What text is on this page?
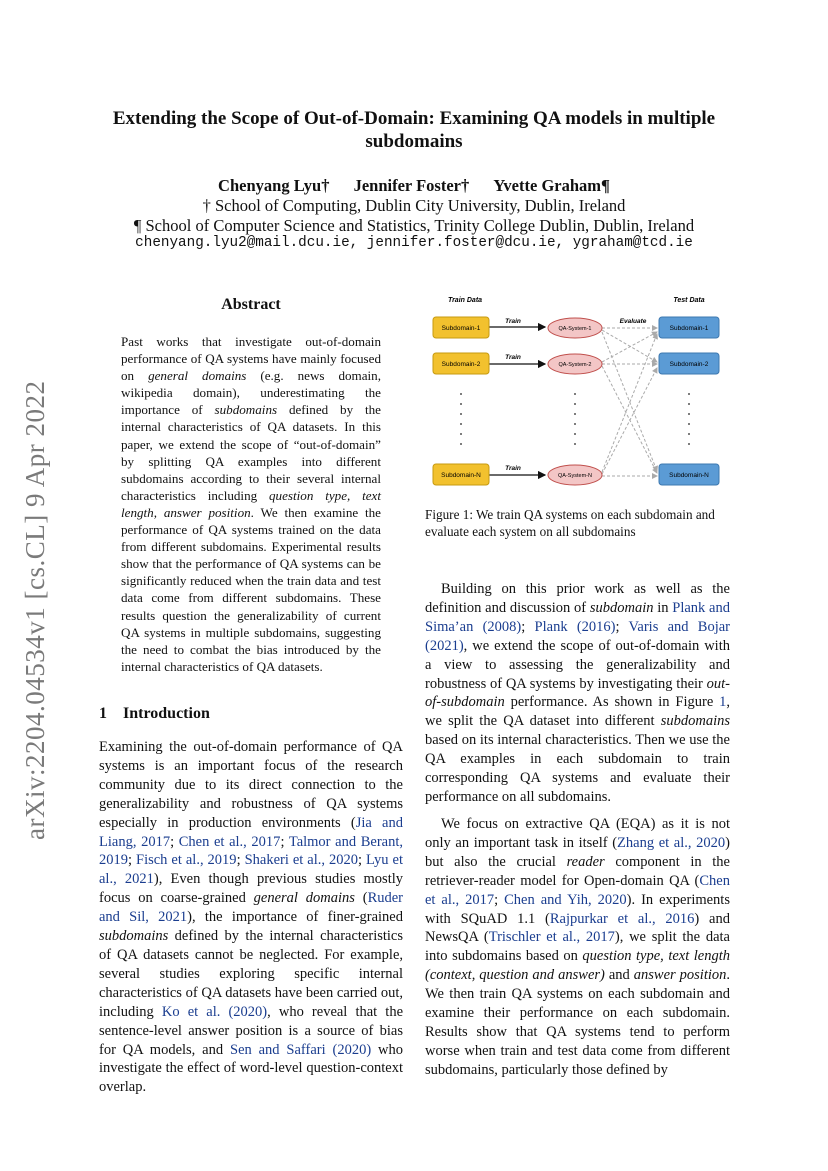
arXiv:2204.04534v1 [cs.CL] 9 Apr 2022
Extending the Scope of Out-of-Domain: Examining QA models in multiple subdomains
Chenyang Lyu† Jennifer Foster† Yvette Graham¶
† School of Computing, Dublin City University, Dublin, Ireland
¶ School of Computer Science and Statistics, Trinity College Dublin, Dublin, Ireland
chenyang.lyu2@mail.dcu.ie, jennifer.foster@dcu.ie, ygraham@tcd.ie
Abstract
Past works that investigate out-of-domain performance of QA systems have mainly focused on general domains (e.g. news domain, wikipedia domain), underestimating the importance of subdomains defined by the internal characteristics of QA datasets. In this paper, we extend the scope of “out-of-domain” by splitting QA examples into different subdomains according to their several internal characteristics including question type, text length, answer position. We then examine the performance of QA systems trained on the data from different subdomains. Experimental results show that the performance of QA systems can be significantly reduced when the train data and test data come from different subdomains. These results question the generalizability of current QA systems in multiple subdomains, suggesting the need to combat the bias introduced by the internal characteristics of QA datasets.
1 Introduction
Examining the out-of-domain performance of QA systems is an important focus of the research community due to its direct connection to the generalizability and robustness of QA systems especially in production environments (Jia and Liang, 2017; Chen et al., 2017; Talmor and Berant, 2019; Fisch et al., 2019; Shakeri et al., 2020; Lyu et al., 2021), Even though previous studies mostly focus on coarse-grained general domains (Ruder and Sil, 2021), the importance of finer-grained subdomains defined by the internal characteristics of QA datasets cannot be neglected. For example, several studies exploring specific internal characteristics of QA datasets have been carried out, including Ko et al. (2020), who reveal that the sentence-level answer position is a source of bias for QA models, and Sen and Saffari (2020) who investigate the effect of word-level question-context overlap.
Train Data	Test Data
Train
Train
Train
Evaluate
Subdomain-1
Subdomain-2
Subdomain-N
QA-System-1
QA-System-2
QA-System-N
Subdomain-1
Subdomain-2
Subdomain-N
Figure 1: We train QA systems on each subdomain and evaluate each system on all subdomains
Building on this prior work as well as the definition and discussion of subdomain in Plank and Sima’an (2008); Plank (2016); Varis and Bojar (2021), we extend the scope of out-of-domain with a view to assessing the generalizability and robustness of QA systems by investigating their out-of-subdomain performance. As shown in Figure 1, we split the QA dataset into different subdomains based on its internal characteristics. Then we use the QA examples in each subdomain to train corresponding QA systems and evaluate their performance on all subdomains.
We focus on extractive QA (EQA) as it is not only an important task in itself (Zhang et al., 2020) but also the crucial reader component in the retriever-reader model for Open-domain QA (Chen et al., 2017; Chen and Yih, 2020). In experiments with SQuAD 1.1 (Rajpurkar et al., 2016) and NewsQA (Trischler et al., 2017), we split the data into subdomains based on question type, text length (context, question and answer) and answer position. We then train QA systems on each subdomain and examine their performance on each subdomain. Results show that QA systems tend to perform worse when train and test data come from different subdomains, particularly those defined by
